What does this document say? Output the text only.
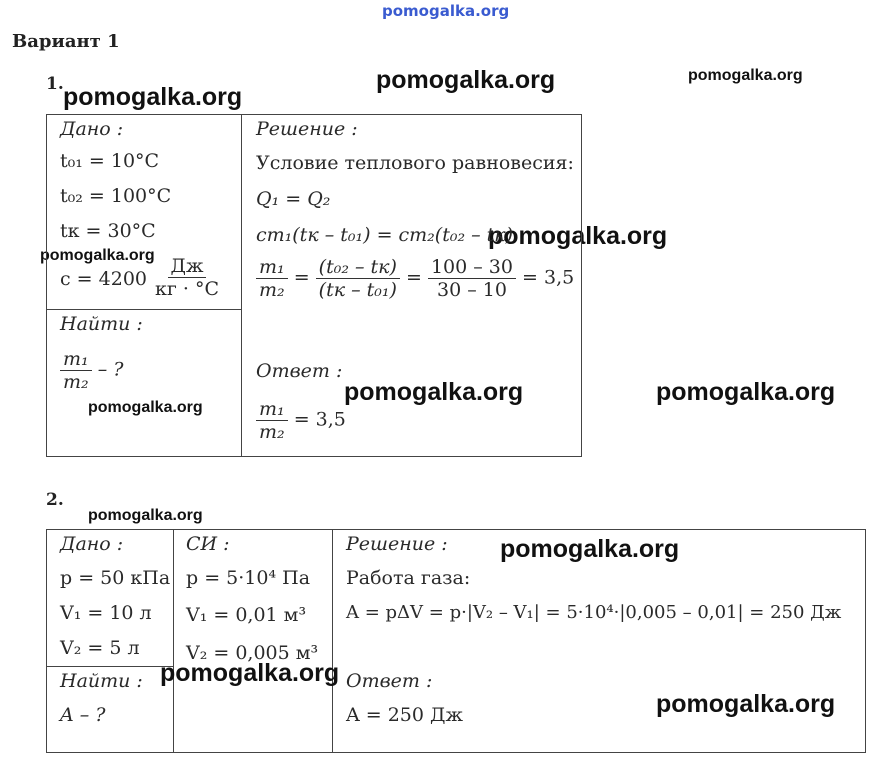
pomogalka.org
pomogalka.org	pomogalka.org
pomogalka.org
pomogalka.org
pomogalka.org
pomogalka.org	pomogalka.org
pomogalka.org
pomogalka.org
pomogalka.org
pomogalka.org
pomogalka.org
Вариант 1
1.
Дано :
t₀₁ = 10°C
t₀₂ = 100°C
tк = 30°C
$c = 4200 \frac{Дж}{кг \cdot ^\circ C}$
Найти :
$\frac{\text{m₁}}{\text{m₂}}$ – ?
Решение :
Условие теплового равновесия:
Q₁ = Q₂
cm₁(tк – t₀₁) = cm₂(t₀₂ – tк)
$\frac{\text{m₁}}{\text{m₂}} = \frac{\text{(t₀₂ – tк)}}{\text{(tк – t₀₁)}} = \frac{100 - 30}{30 - 10} = 3,5$
Ответ :
$\frac{\text{m₁}}{\text{m₂}} = 3,5$
2.
Дано :
p = 50 кПа
V₁ = 10 л
V₂ = 5 л
СИ :
p = 5·10⁴ Па
V₁ = 0,01 м³
V₂ = 0,005 м³
Найти :
A – ?
Решение :
Работа газа:
A = pΔV = p·|V₂ – V₁| = 5·10⁴·|0,005 – 0,01| = 250 Дж
Ответ :
A = 250 Дж
